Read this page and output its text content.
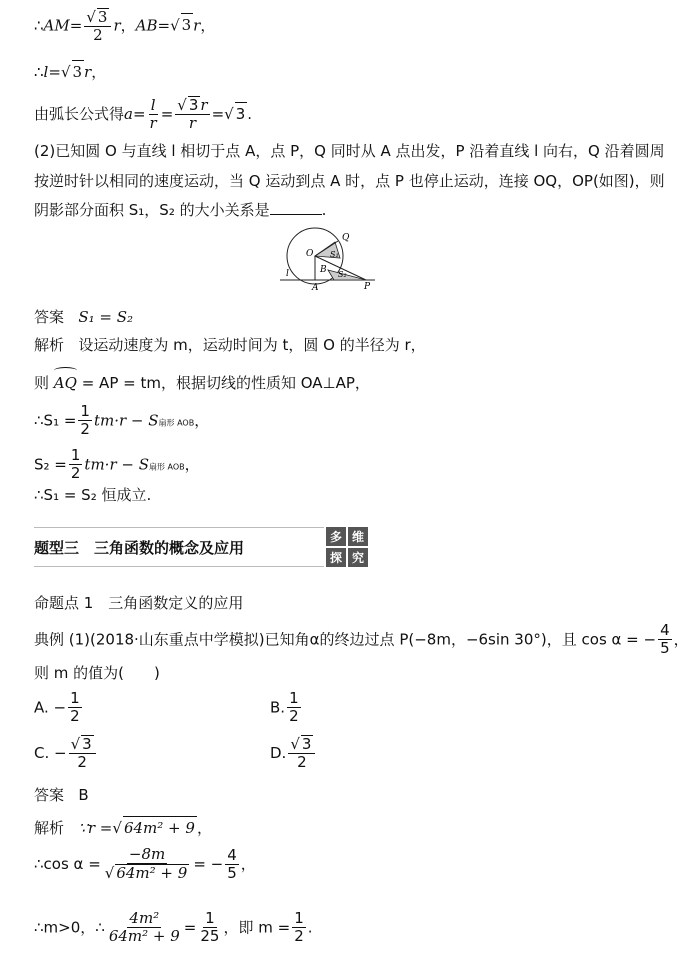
∴AM= $\frac{√ 3}{2}$ r，AB=√ 3 r，
∴l=√ 3 r，
由弧长公式得$a= \frac{l}{r} = \frac{√ 3 r}{r}$ =√ 3 .
(2)已知圆 O 与直线 l 相切于点 A，点 P，Q 同时从 A 点出发，P 沿着直线 l 向右，Q 沿着圆周
按逆时针以相同的速度运动，当 Q 运动到点 A 时，点 P 也停止运动，连接 OQ，OP(如图)，则
阴影部分面积 S₁，S₂ 的大小关系是	.
O
Q
B
A	P
l
S₁
S₂
答案 S₁ = S₂
解析 设运动速度为 m，运动时间为 t，圆 O 的半径为 r，
则 AQ = AP = tm，根据切线的性质知 OA⊥AP，
∴S₁ = $\frac{1}{2} tm\cdot r - S$扇形 AOB，
$S_2 = \frac{1}{2} tm\cdot r - S$扇形 AOB，
∴S₁ = S₂ 恒成立.
题型三　三角函数的概念及应用
多 维
探 究
命题点 1　三角函数定义的应用
典例 (1)(2018·山东重点中学模拟)已知角α的终边过点 P(−8m，−6sin 30°)，且 cos α = − $\frac{4}{5}$ ，
则 m 的值为(　　)
A. − $\frac{1}{2}$	B. $\frac{1}{2}$
C. − $\frac{√ 3}{2}$	D. $\frac{√ 3}{2}$
答案 B
解析 ∵r =√ 64m² + 9 ，
∴cos $\alpha = \frac{-8m}{\text{√ 64m² + 9}}$ = − $\frac{4}{5}$ ，
∴m>0，∴ $\frac{\text{4m²}}{\text{64m² + 9}} = \frac{1}{25}$ ，即 $m = \frac{1}{2}$ .
